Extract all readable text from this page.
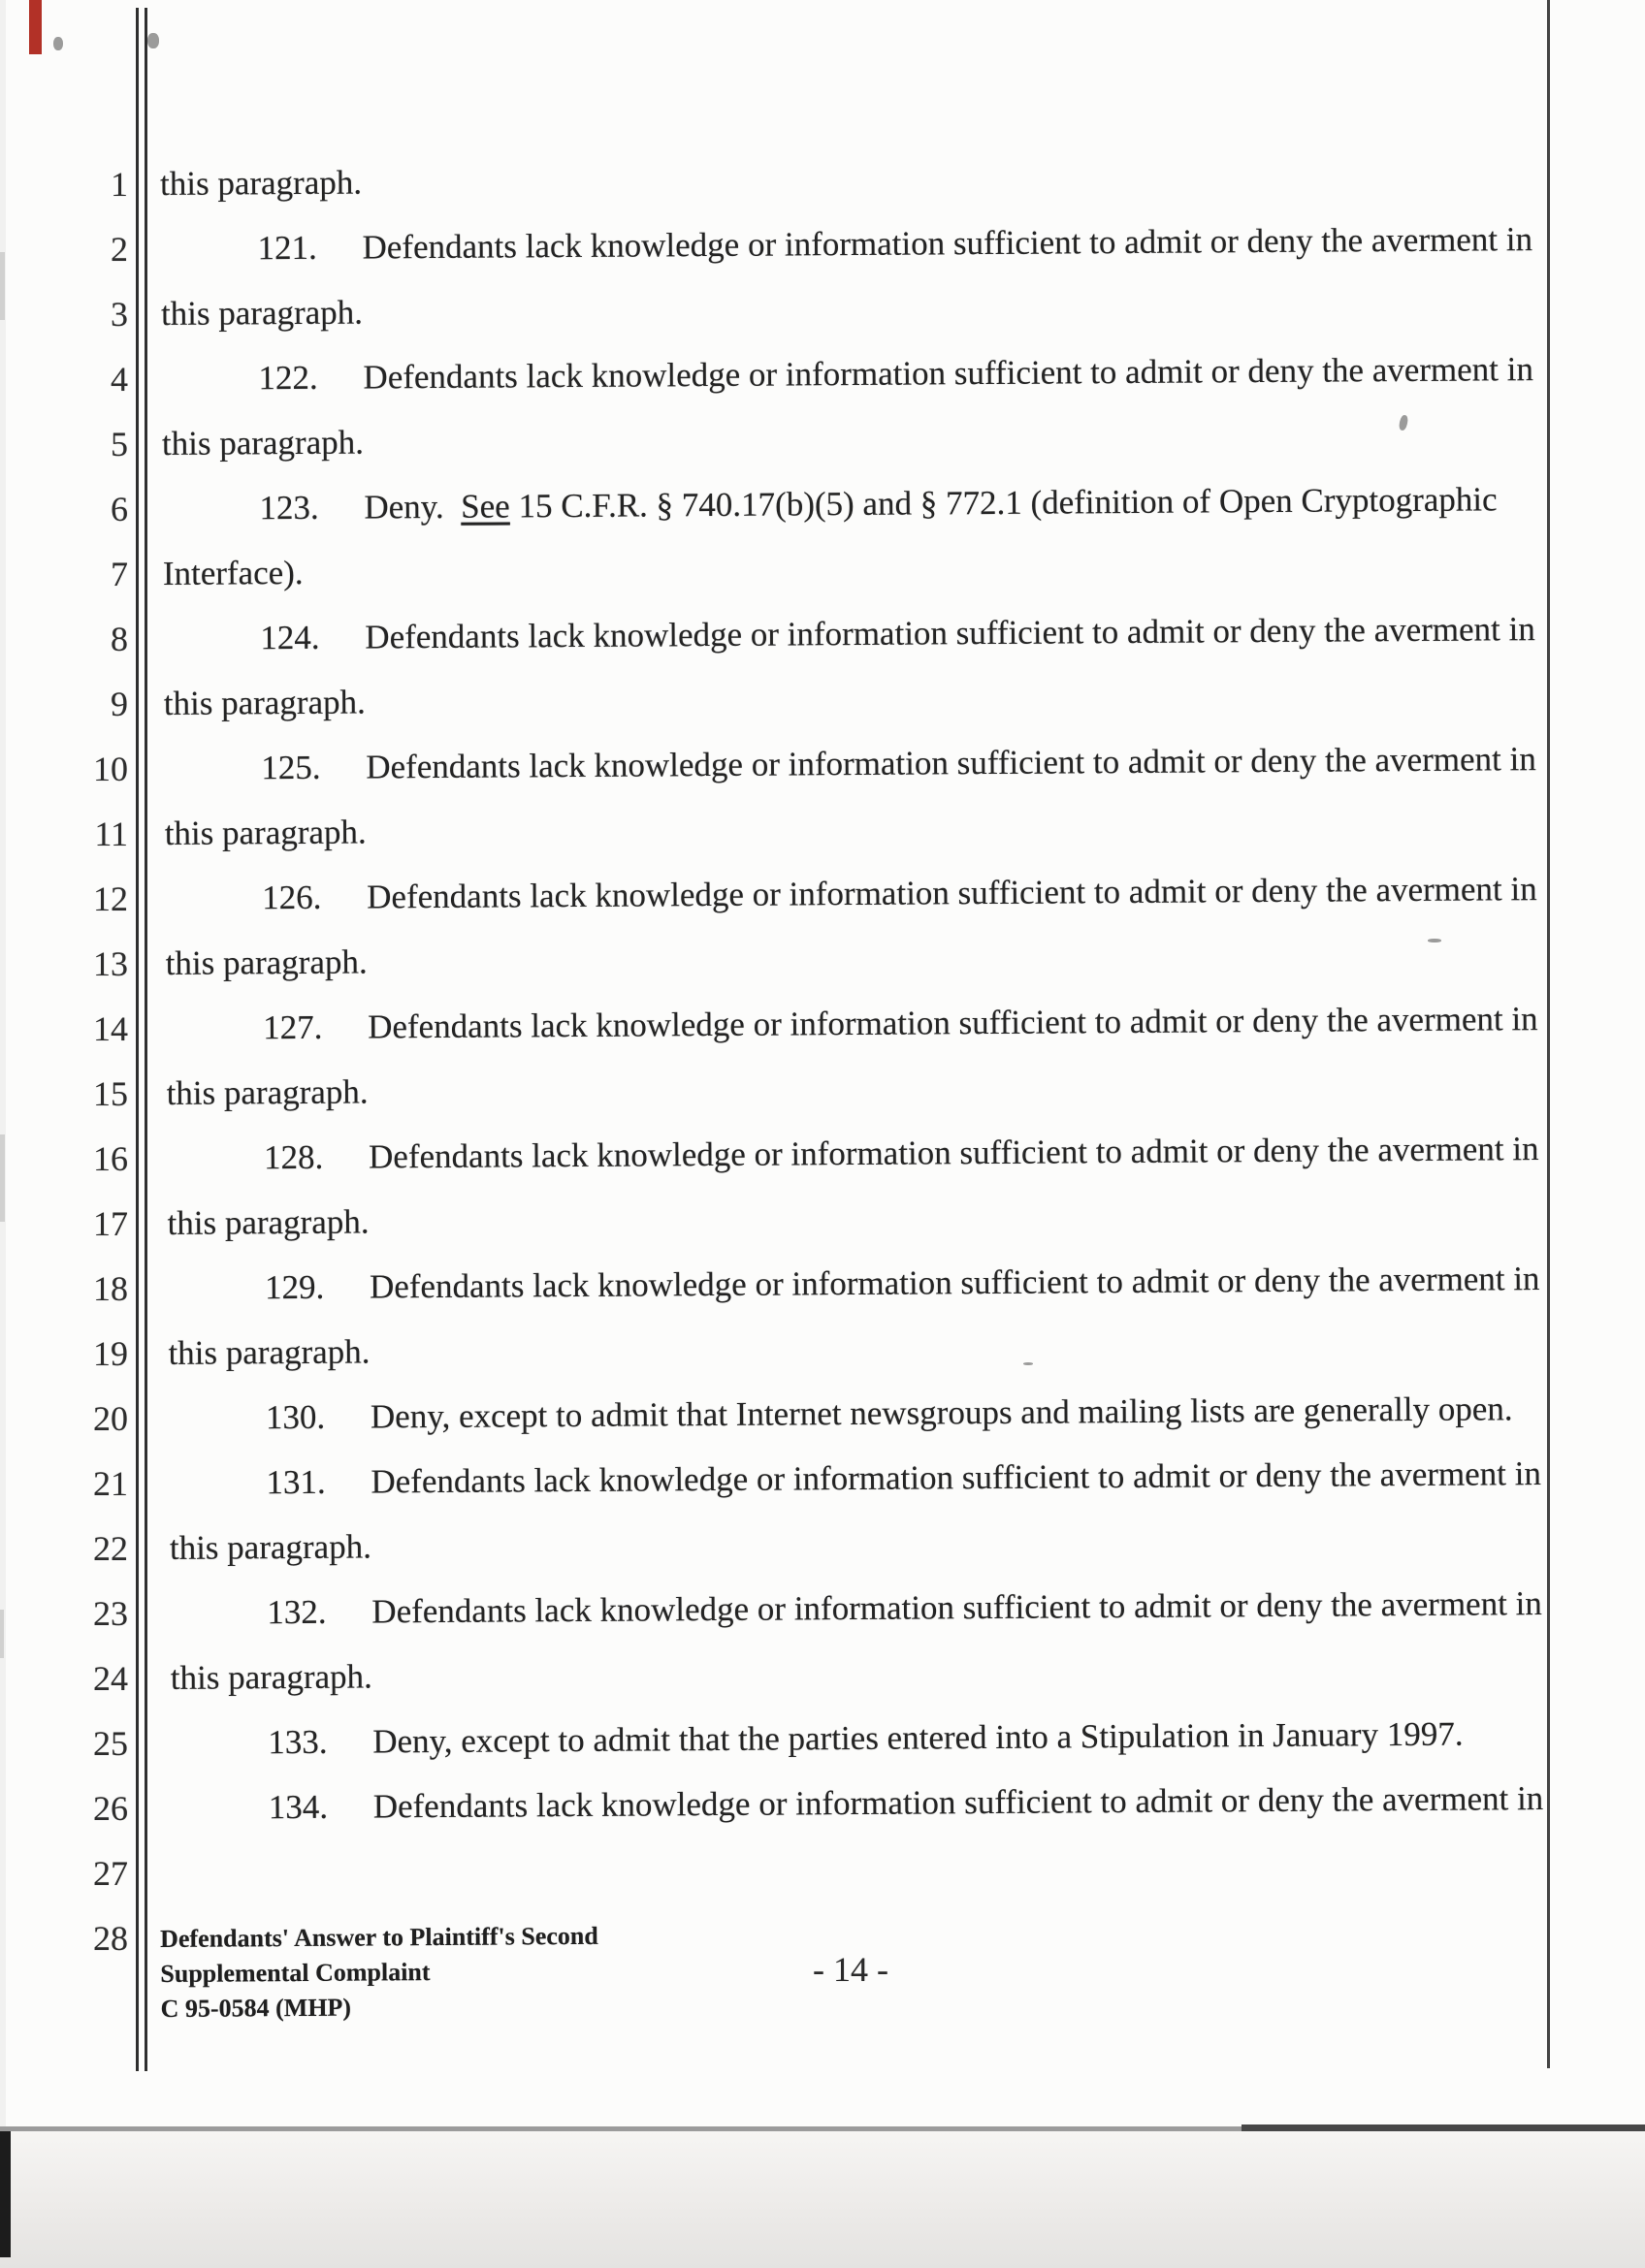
1
2
3
4
5
6
7
8
9
10
11
12
13
14
15
16
17
18
19
20
21
22
23
24
25
26
27
28
this paragraph.
121. Defendants lack knowledge or information sufficient to admit or deny the averment in
this paragraph.
122. Defendants lack knowledge or information sufficient to admit or deny the averment in
this paragraph.
123. Deny.  See 15 C.F.R. § 740.17(b)(5) and § 772.1 (definition of Open Cryptographic
Interface).
124. Defendants lack knowledge or information sufficient to admit or deny the averment in
this paragraph.
125. Defendants lack knowledge or information sufficient to admit or deny the averment in
this paragraph.
126. Defendants lack knowledge or information sufficient to admit or deny the averment in
this paragraph.
127. Defendants lack knowledge or information sufficient to admit or deny the averment in
this paragraph.
128. Defendants lack knowledge or information sufficient to admit or deny the averment in
this paragraph.
129. Defendants lack knowledge or information sufficient to admit or deny the averment in
this paragraph.
130. Deny, except to admit that Internet newsgroups and mailing lists are generally open.
131. Defendants lack knowledge or information sufficient to admit or deny the averment in
this paragraph.
132. Defendants lack knowledge or information sufficient to admit or deny the averment in
this paragraph.
133. Deny, except to admit that the parties entered into a Stipulation in January 1997.
134. Defendants lack knowledge or information sufficient to admit or deny the averment in
Defendants' Answer to Plaintiff's Second
Supplemental Complaint
C 95-0584 (MHP)
- 14 -
